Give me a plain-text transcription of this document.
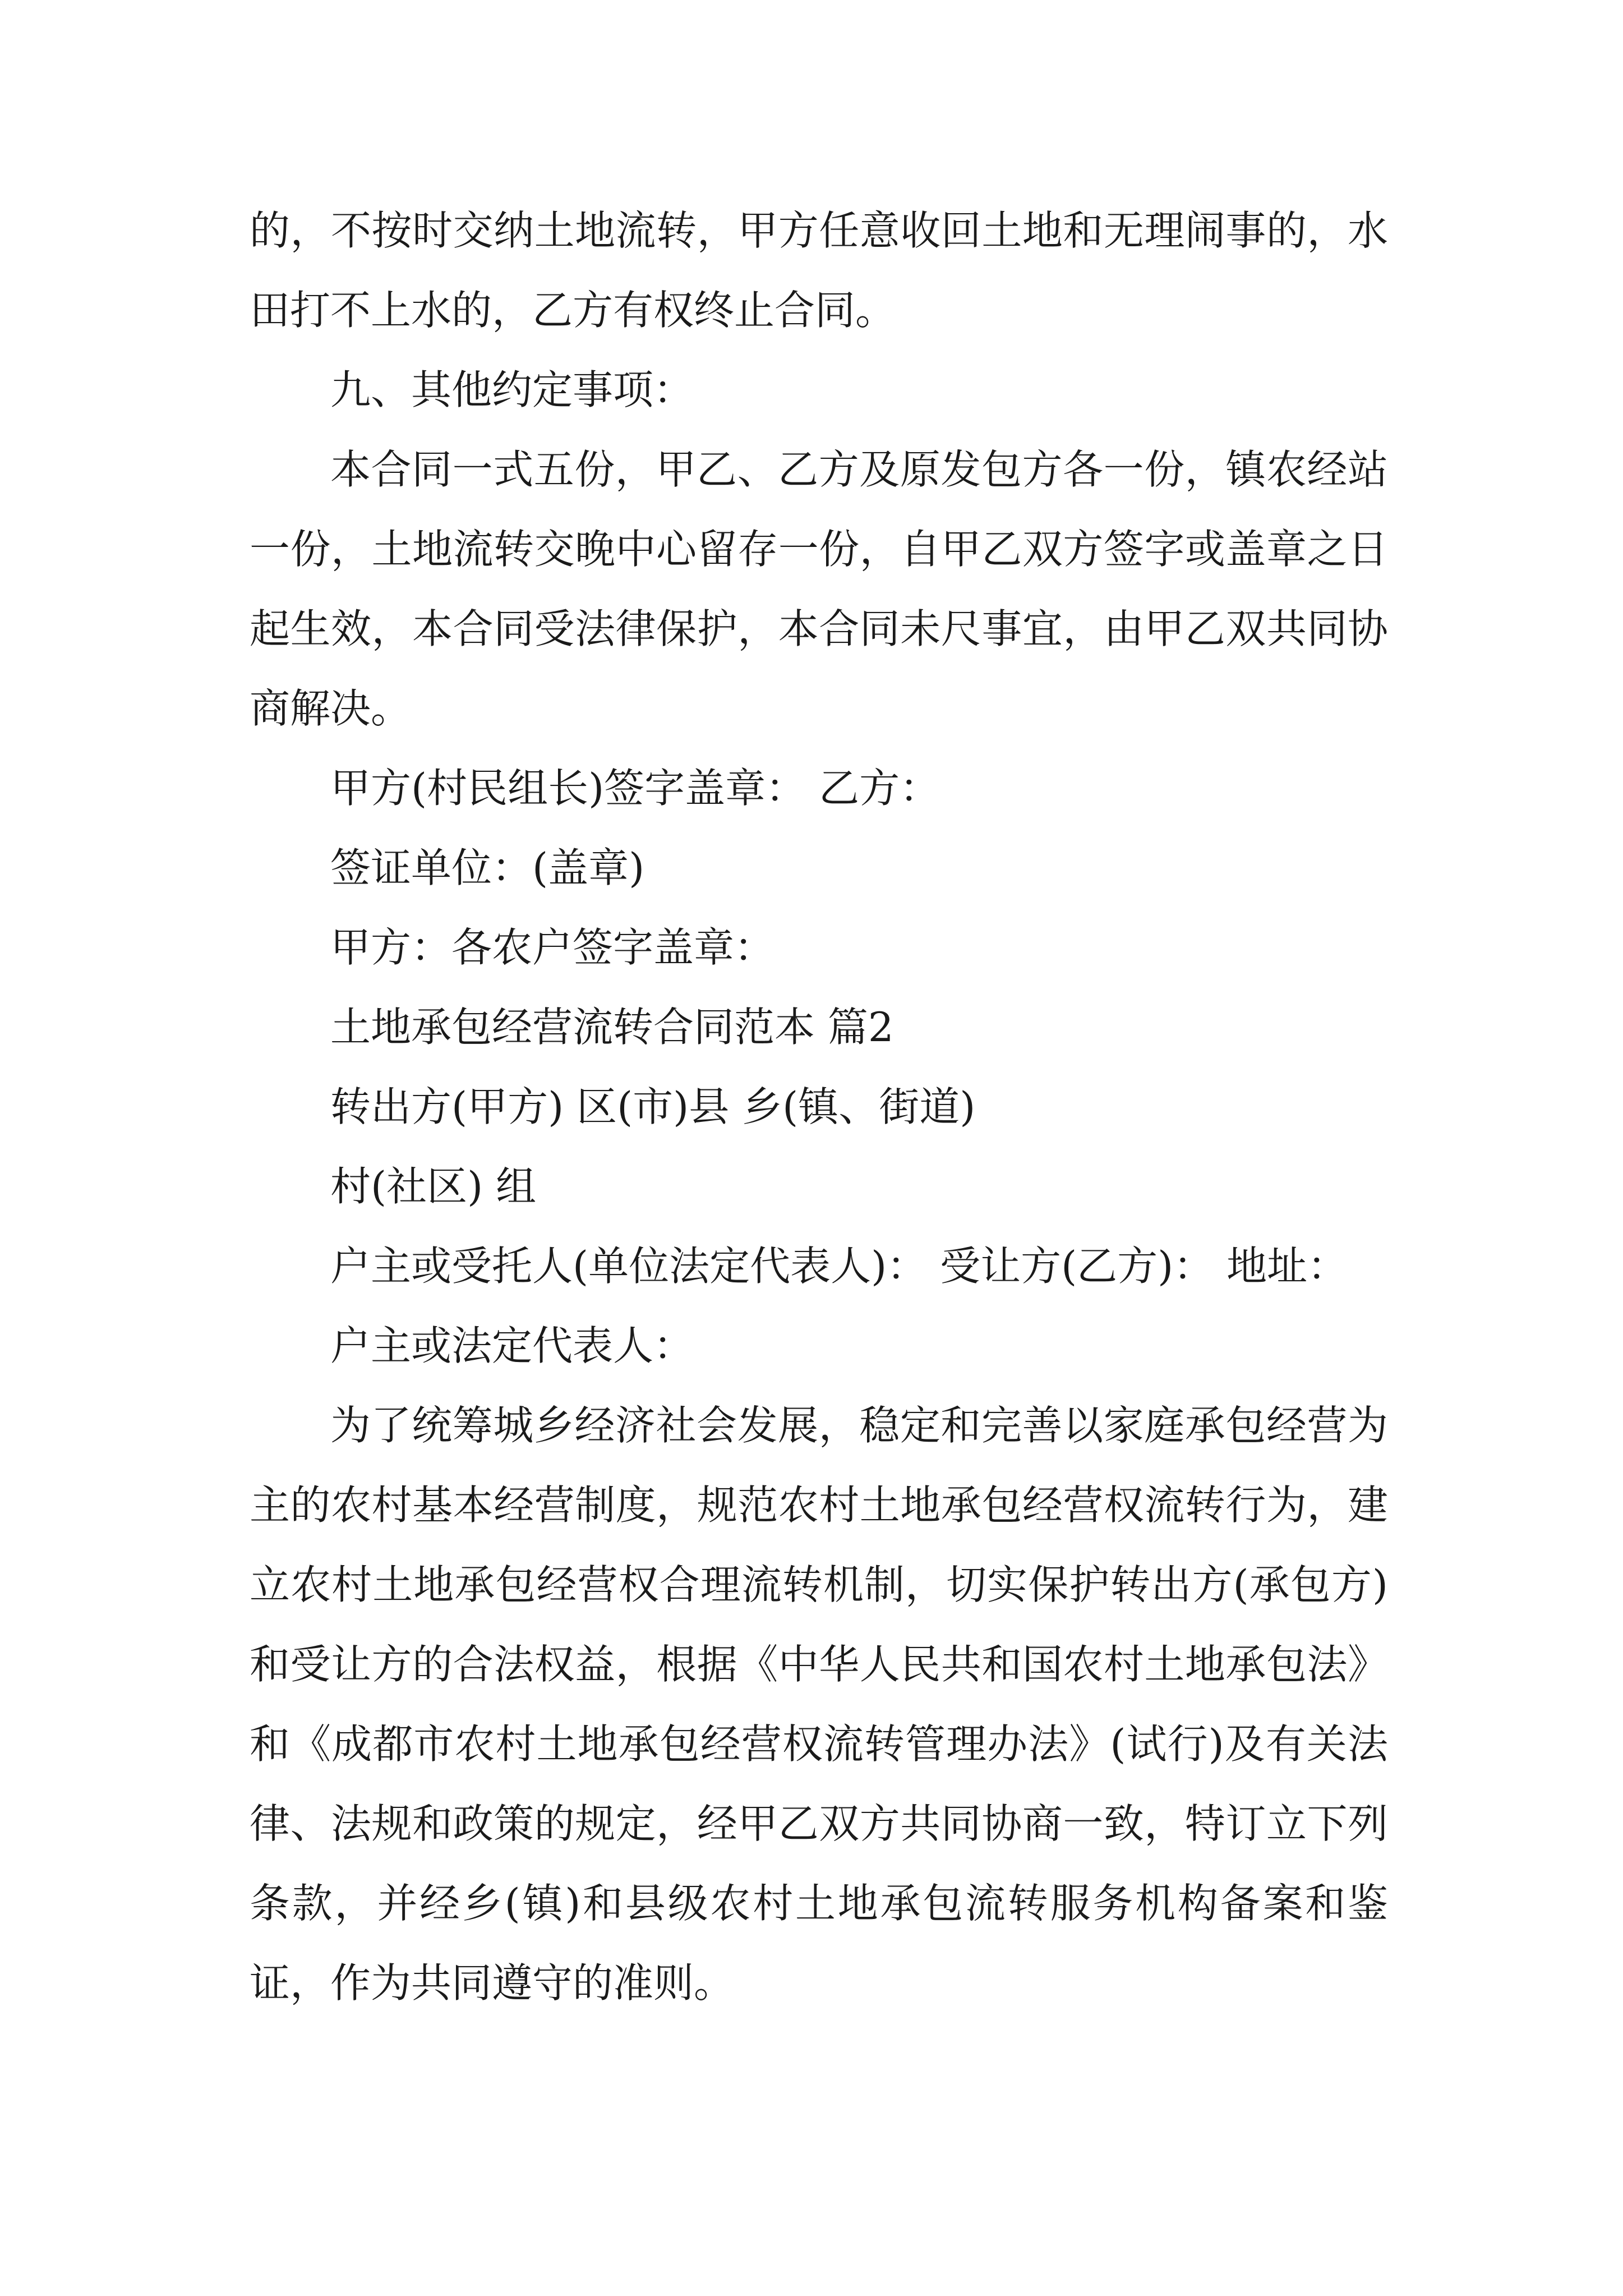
的，不按时交纳土地流转，甲方任意收回土地和无理闹事的，水田打不上水的，乙方有权终止合同。

九、其他约定事项：

本合同一式五份，甲乙、乙方及原发包方各一份，镇农经站一份，土地流转交晚中心留存一份，自甲乙双方签字或盖章之日起生效，本合同受法律保护，本合同未尺事宜，由甲乙双共同协商解决。

甲方(村民组长)签字盖章： 乙方：

签证单位：(盖章)

甲方：各农户签字盖章：

土地承包经营流转合同范本 篇2

转出方(甲方) 区(市)县 乡(镇、街道)

村(社区) 组

户主或受托人(单位法定代表人)： 受让方(乙方)： 地址：

户主或法定代表人：

为了统筹城乡经济社会发展，稳定和完善以家庭承包经营为主的农村基本经营制度，规范农村土地承包经营权流转行为，建立农村土地承包经营权合理流转机制，切实保护转出方(承包方)和受让方的合法权益，根据《中华人民共和国农村土地承包法》和《成都市农村土地承包经营权流转管理办法》(试行)及有关法律、法规和政策的规定，经甲乙双方共同协商一致，特订立下列条款，并经乡(镇)和县级农村土地承包流转服务机构备案和鉴证，作为共同遵守的准则。
